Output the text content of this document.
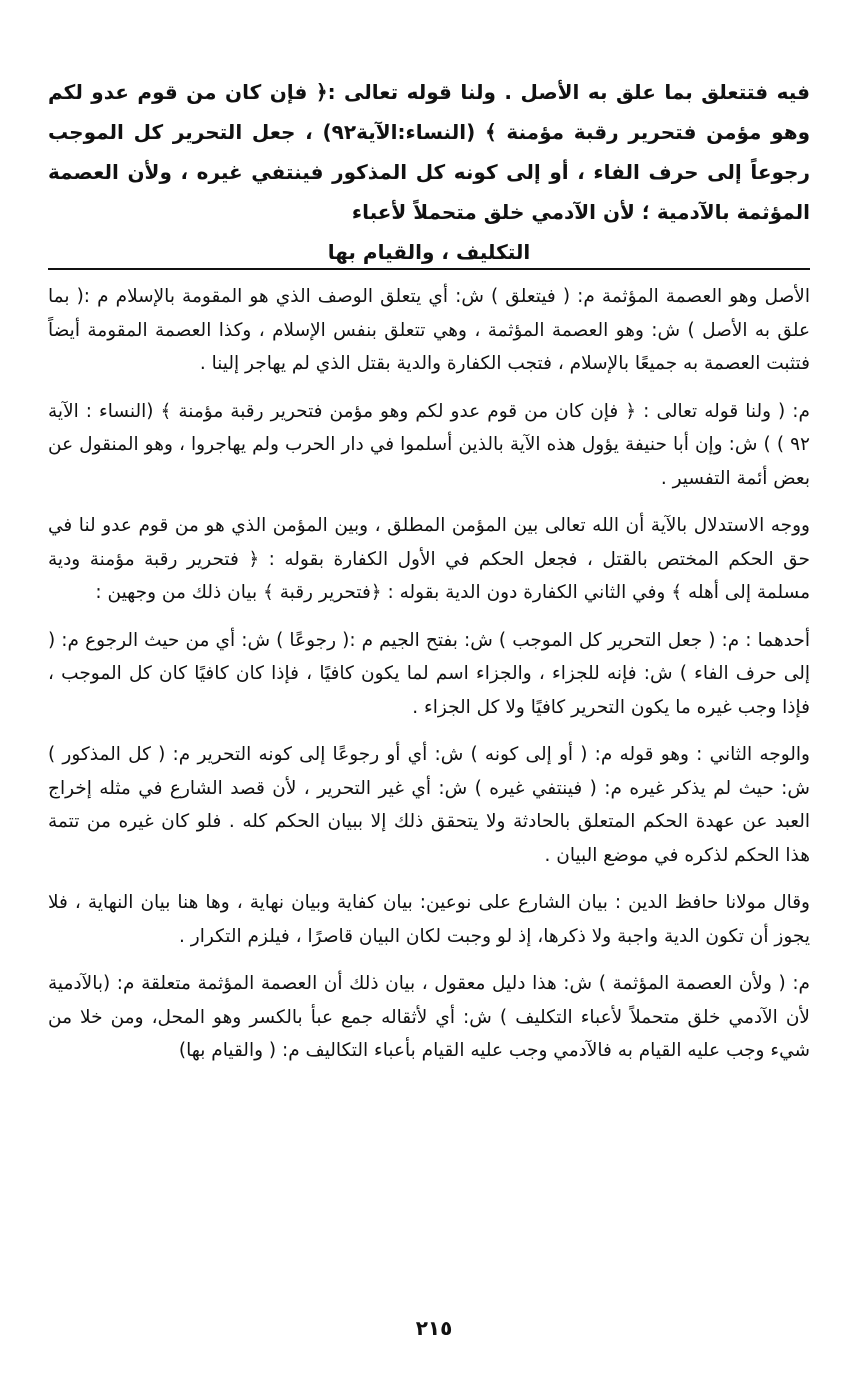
فيه فتتعلق بما علق به الأصل . ولنا قوله تعالى :﴿ فإن كان من قوم عدو لكم وهو مؤمن فتحرير رقبة مؤمنة ﴾ (النساء:الآية٩٢) ، جعل التحرير كل الموجب رجوعاً إلى حرف الفاء ، أو إلى كونه كل المذكور فينتفي غيره ، ولأن العصمة المؤثمة بالآدمية ؛ لأن الآدمي خلق متحملاً لأعباء
التكليف ، والقيام بها

الأصل وهو العصمة المؤثمة م: ( فيتعلق ) ش: أي يتعلق الوصف الذي هو المقومة بالإسلام م :( بما علق به الأصل ) ش: وهو العصمة المؤثمة ، وهي تتعلق بنفس الإسلام ، وكذا العصمة المقومة أيضاً فتثبت العصمة به جميعًا بالإسلام ، فتجب الكفارة والدية بقتل الذي لم يهاجر إلينا .

م: ( ولنا قوله تعالى : ﴿ فإن كان من قوم عدو لكم وهو مؤمن فتحرير رقبة مؤمنة ﴾ (النساء : الآية ٩٢ ) ) ش: وإن أبا حنيفة يؤول هذه الآية بالذين أسلموا في دار الحرب ولم يهاجروا ، وهو المنقول عن بعض أئمة التفسير .

ووجه الاستدلال بالآية أن الله تعالى بين المؤمن المطلق ، وبين المؤمن الذي هو من قوم عدو لنا في حق الحكم المختص بالقتل ، فجعل الحكم في الأول الكفارة بقوله : ﴿ فتحرير رقبة مؤمنة ودية مسلمة إلى أهله ﴾ وفي الثاني الكفارة دون الدية بقوله : ﴿فتحرير رقبة ﴾ بيان ذلك من وجهين :

أحدهما : م: ( جعل التحرير كل الموجب ) ش: بفتح الجيم م :( رجوعًا ) ش: أي من حيث الرجوع م: ( إلى حرف الفاء ) ش: فإنه للجزاء ، والجزاء اسم لما يكون كافيًا ، فإذا كان كافيًا كان كل الموجب ، فإذا وجب غيره ما يكون التحرير كافيًا ولا كل الجزاء .

والوجه الثاني : وهو قوله م: ( أو إلى كونه ) ش: أي أو رجوعًا إلى كونه التحرير م: ( كل المذكور ) ش: حيث لم يذكر غيره م: ( فينتفي غيره ) ش: أي غير التحرير ، لأن قصد الشارع في مثله إخراج العبد عن عهدة الحكم المتعلق بالحادثة ولا يتحقق ذلك إلا ببيان الحكم كله . فلو كان غيره من تتمة هذا الحكم لذكره في موضع البيان .

وقال مولانا حافظ الدين : بيان الشارع على نوعين: بيان كفاية وبيان نهاية ، وها هنا بيان النهاية ، فلا يجوز أن تكون الدية واجبة ولا ذكرها، إذ لو وجبت لكان البيان قاصرًا ، فيلزم التكرار .

م: ( ولأن العصمة المؤثمة ) ش: هذا دليل معقول ، بيان ذلك أن العصمة المؤثمة متعلقة م: (بالآدمية لأن الآدمي خلق متحملاً لأعباء التكليف ) ش: أي لأثقاله جمع عبأ بالكسر وهو المحل، ومن خلا من شيء وجب عليه القيام به فالآدمي وجب عليه القيام بأعباء التكاليف م: ( والقيام بها)

٢١٥
